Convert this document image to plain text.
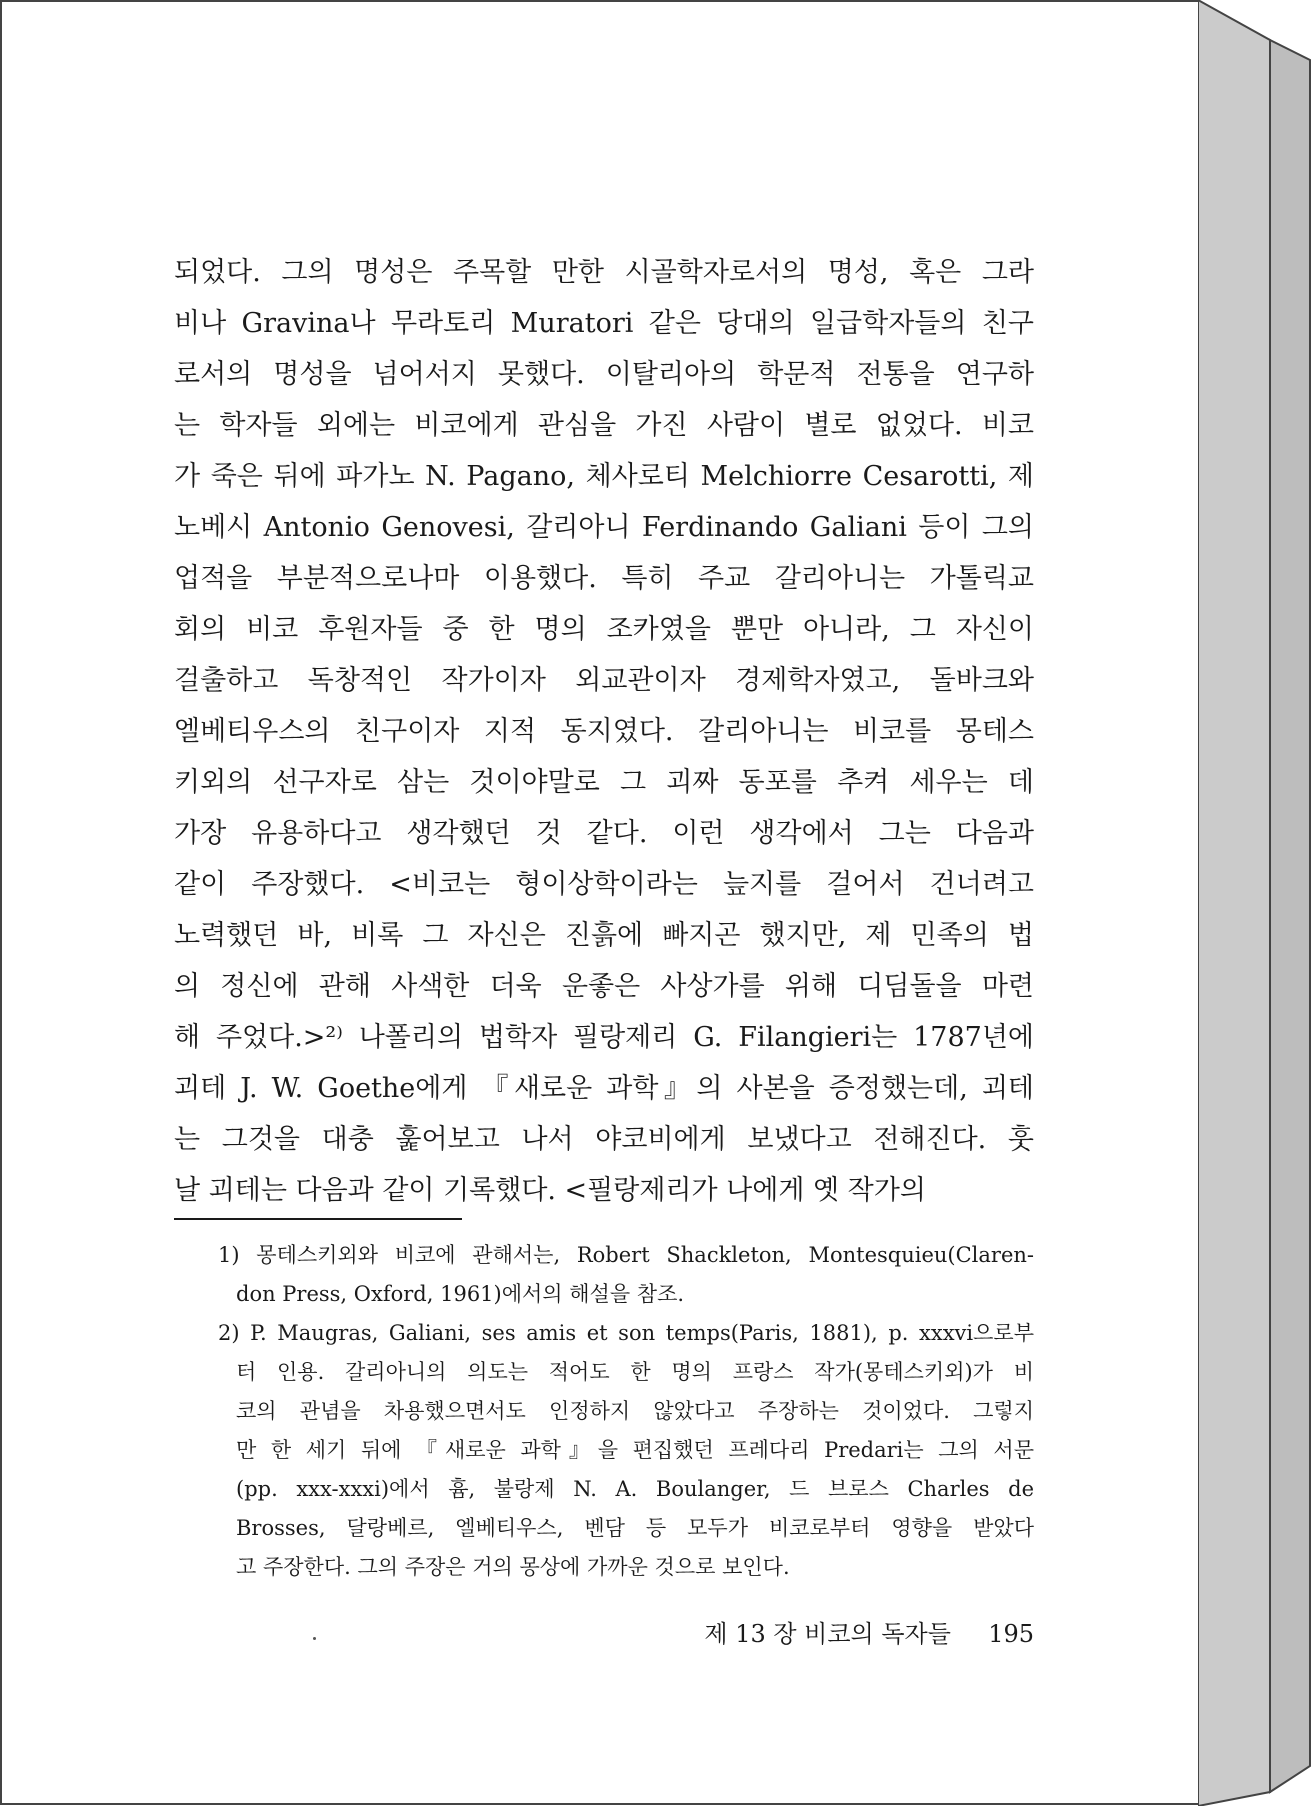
되었다. 그의 명성은 주목할 만한 시골학자로서의 명성, 혹은 그라
비나 Gravina나 무라토리 Muratori 같은 당대의 일급학자들의 친구
로서의 명성을 넘어서지 못했다. 이탈리아의 학문적 전통을 연구하
는 학자들 외에는 비코에게 관심을 가진 사람이 별로 없었다. 비코
가 죽은 뒤에 파가노 N. Pagano, 체사로티 Melchiorre Cesarotti, 제
노베시 Antonio Genovesi, 갈리아니 Ferdinando Galiani 등이 그의
업적을 부분적으로나마 이용했다. 특히 주교 갈리아니는 가톨릭교
회의 비코 후원자들 중 한 명의 조카였을 뿐만 아니라, 그 자신이
걸출하고 독창적인 작가이자 외교관이자 경제학자였고, 돌바크와
엘베티우스의 친구이자 지적 동지였다. 갈리아니는 비코를 몽테스
키외의 선구자로 삼는 것이야말로 그 괴짜 동포를 추켜 세우는 데
가장 유용하다고 생각했던 것 같다. 이런 생각에서 그는 다음과
같이 주장했다. <비코는 형이상학이라는 늪지를 걸어서 건너려고
노력했던 바, 비록 그 자신은 진흙에 빠지곤 했지만, 제 민족의 법
의 정신에 관해 사색한 더욱 운좋은 사상가를 위해 디딤돌을 마련
해 주었다.>²⁾ 나폴리의 법학자 필랑제리 G. Filangieri는 1787년에
괴테 J. W. Goethe에게 『새로운 과학』의 사본을 증정했는데, 괴테
는 그것을 대충 훑어보고 나서 야코비에게 보냈다고 전해진다. 훗
날 괴테는 다음과 같이 기록했다. <필랑제리가 나에게 옛 작가의
1) 몽테스키외와 비코에 관해서는, Robert Shackleton, Montesquieu(Claren-
don Press, Oxford, 1961)에서의 해설을 참조.
2) P. Maugras, Galiani, ses amis et son temps(Paris, 1881), p. xxxvi으로부
터 인용. 갈리아니의 의도는 적어도 한 명의 프랑스 작가(몽테스키외)가 비
코의 관념을 차용했으면서도 인정하지 않았다고 주장하는 것이었다. 그렇지
만 한 세기 뒤에 『새로운 과학』을 편집했던 프레다리 Predari는 그의 서문
(pp. xxx-xxxi)에서 흄, 불랑제 N. A. Boulanger, 드 브로스 Charles de
Brosses, 달랑베르, 엘베티우스, 벤담 등 모두가 비코로부터 영향을 받았다
고 주장한다. 그의 주장은 거의 몽상에 가까운 것으로 보인다.
제 13 장 비코의 독자들 195
